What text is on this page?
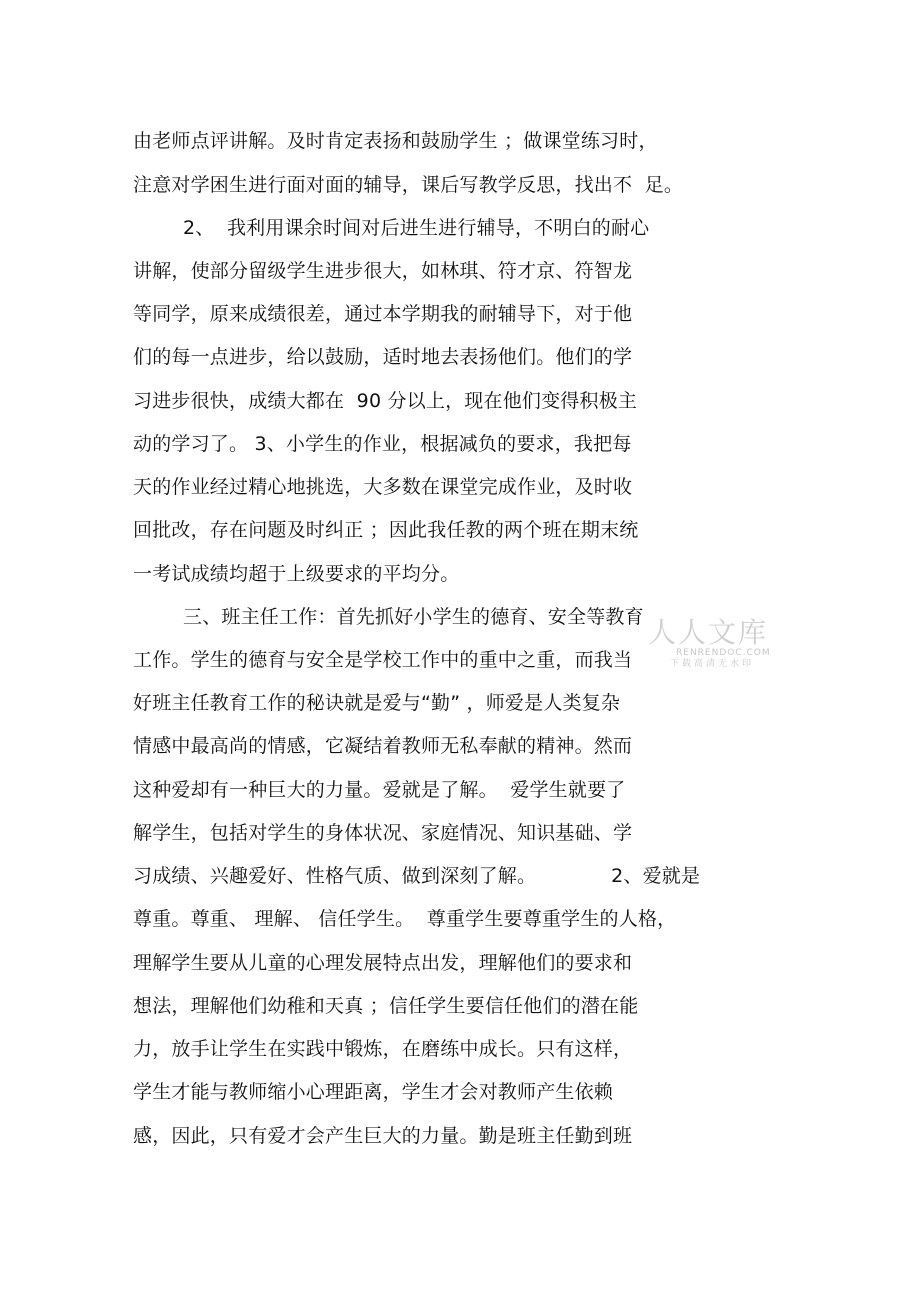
由老师点评讲解。及时肯定表扬和鼓励学生 ；做课堂练习时，
注意对学困生进行面对面的辅导，课后写教学反思，找出不  足。
2、  我利用课余时间对后进生进行辅导，不明白的耐心
讲解，使部分留级学生进步很大，如林琪、符才京、符智龙
等同学，原来成绩很差，通过本学期我的耐辅导下，对于他
们的每一点进步，给以鼓励，适时地去表扬他们。他们的学
习进步很快，成绩大都在  90 分以上，现在他们变得积极主
动的学习了。 3、小学生的作业，根据减负的要求，我把每
天的作业经过精心地挑选，大多数在课堂完成作业，及时收
回批改，存在问题及时纠正 ；因此我任教的两个班在期末统
一考试成绩均超于上级要求的平均分。
三、班主任工作：首先抓好小学生的德育、安全等教育
工作。学生的德育与安全是学校工作中的重中之重，而我当
好班主任教育工作的秘诀就是爱与“勤” ，师爱是人类复杂
情感中最高尚的情感，它凝结着教师无私奉献的精神。然而
这种爱却有一种巨大的力量。爱就是了解。  爱学生就要了
解学生，包括对学生的身体状况、家庭情况、知识基础、学
习成绩、兴趣爱好、性格气质、做到深刻了解。            2、爱就是
尊重。尊重、 理解、 信任学生。  尊重学生要尊重学生的人格，
理解学生要从儿童的心理发展特点出发，理解他们的要求和
想法，理解他们幼稚和天真 ；信任学生要信任他们的潜在能
力，放手让学生在实践中锻炼，在磨练中成长。只有这样，
学生才能与教师缩小心理距离，学生才会对教师产生依赖
感，因此，只有爱才会产生巨大的力量。勤是班主任勤到班
人人文库
RENRENDOC.COM
下载高清无水印
